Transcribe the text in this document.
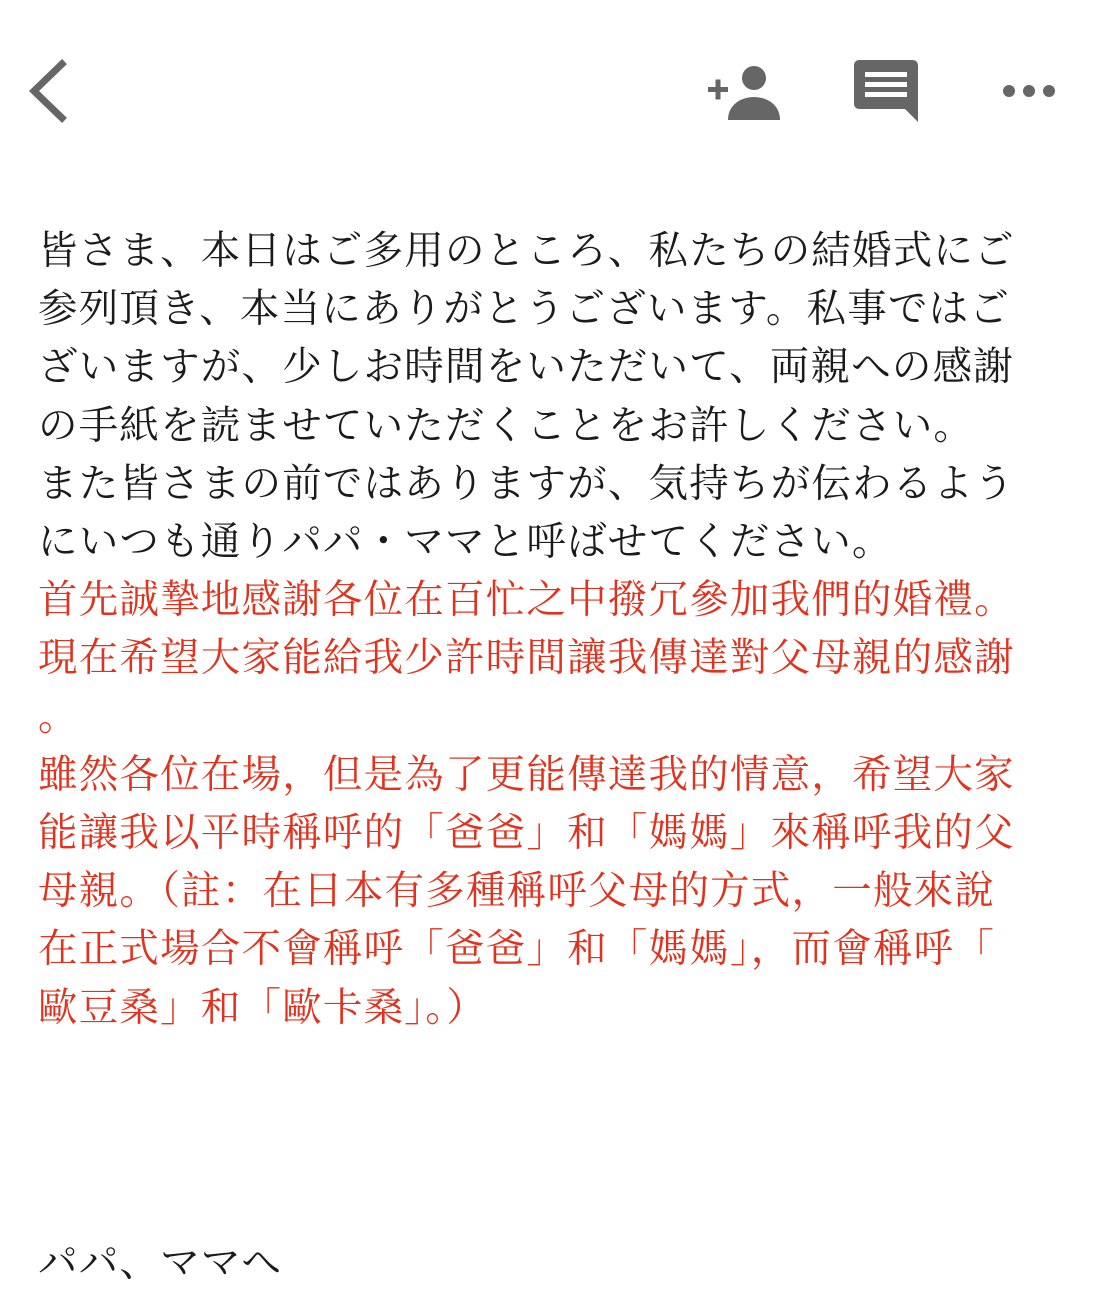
皆さま、本日はご多用のところ、私たちの結婚式にご参列頂き、本当にありがとうございます。私事ではございますが、少しお時間をいただいて、両親への感謝の手紙を読ませていただくことをお許しください。

また皆さまの前ではありますが、気持ちが伝わるようにいつも通りパパ・ママと呼ばせてください。

首先誠摯地感謝各位在百忙之中撥冗參加我們的婚禮。現在希望大家能給我少許時間讓我傳達對父母親的感謝。

雖然各位在場，但是為了更能傳達我的情意，希望大家能讓我以平時稱呼的「爸爸」和「媽媽」來稱呼我的父母親。（註：在日本有多種稱呼父母的方式，一般來說在正式場合不會稱呼「爸爸」和「媽媽」，而會稱呼「歐豆桑」和「歐卡桑」。）

パパ、ママへ
